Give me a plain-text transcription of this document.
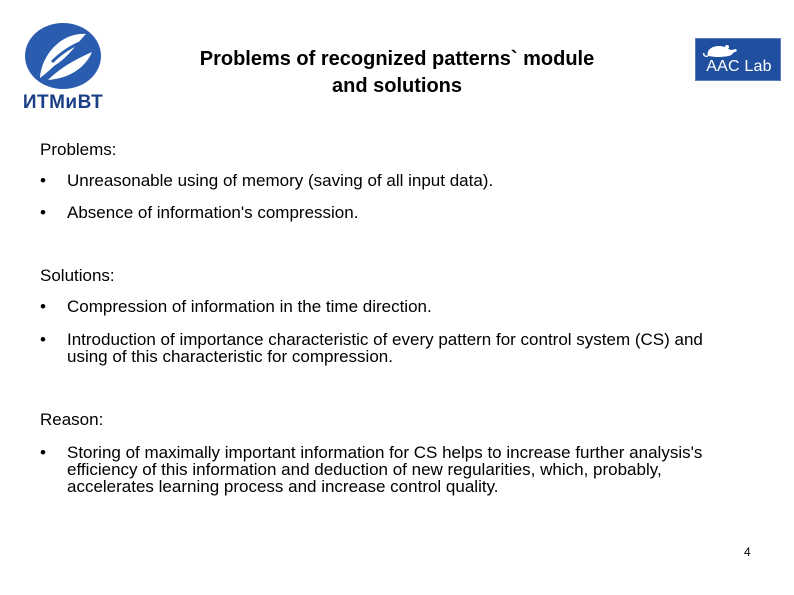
ИТМиВТ
Problems of recognized patterns` module
and solutions
AAC Lab
Problems:
• Unreasonable using of memory (saving of all input data).
• Absence of information's compression.
Solutions:
• Compression of information in the time direction.
• Introduction of importance characteristic of every pattern for control system (CS) and using of this characteristic for compression.
Reason:
• Storing of maximally important information for CS helps to increase further analysis's efficiency of this information and deduction of new regularities, which, probably, accelerates learning process and increase control quality.
4
